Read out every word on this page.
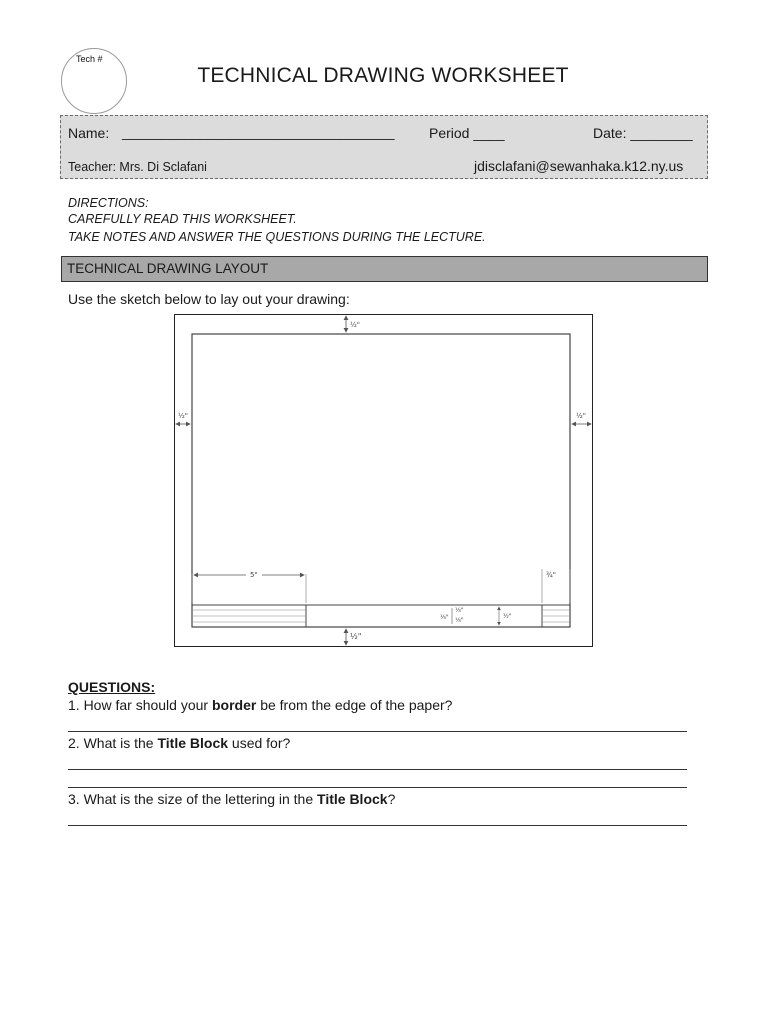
Tech #
TECHNICAL DRAWING WORKSHEET
Name: ___________________________________ Period ____	Date: ________
Teacher: Mrs. Di Sclafani	jdisclafani@sewanhaka.k12.ny.us
DIRECTIONS:
CAREFULLY READ THIS WORKSHEET.
TAKE NOTES AND ANSWER THE QUESTIONS DURING THE LECTURE.
TECHNICAL DRAWING LAYOUT
Use the sketch below to lay out your drawing:
½"
½"	½"
½"
5"	¾"
⅛"
⅛"
⅛"
½"
QUESTIONS:
1. How far should your border be from the edge of the paper?
2. What is the Title Block used for?
3. What is the size of the lettering in the Title Block?
